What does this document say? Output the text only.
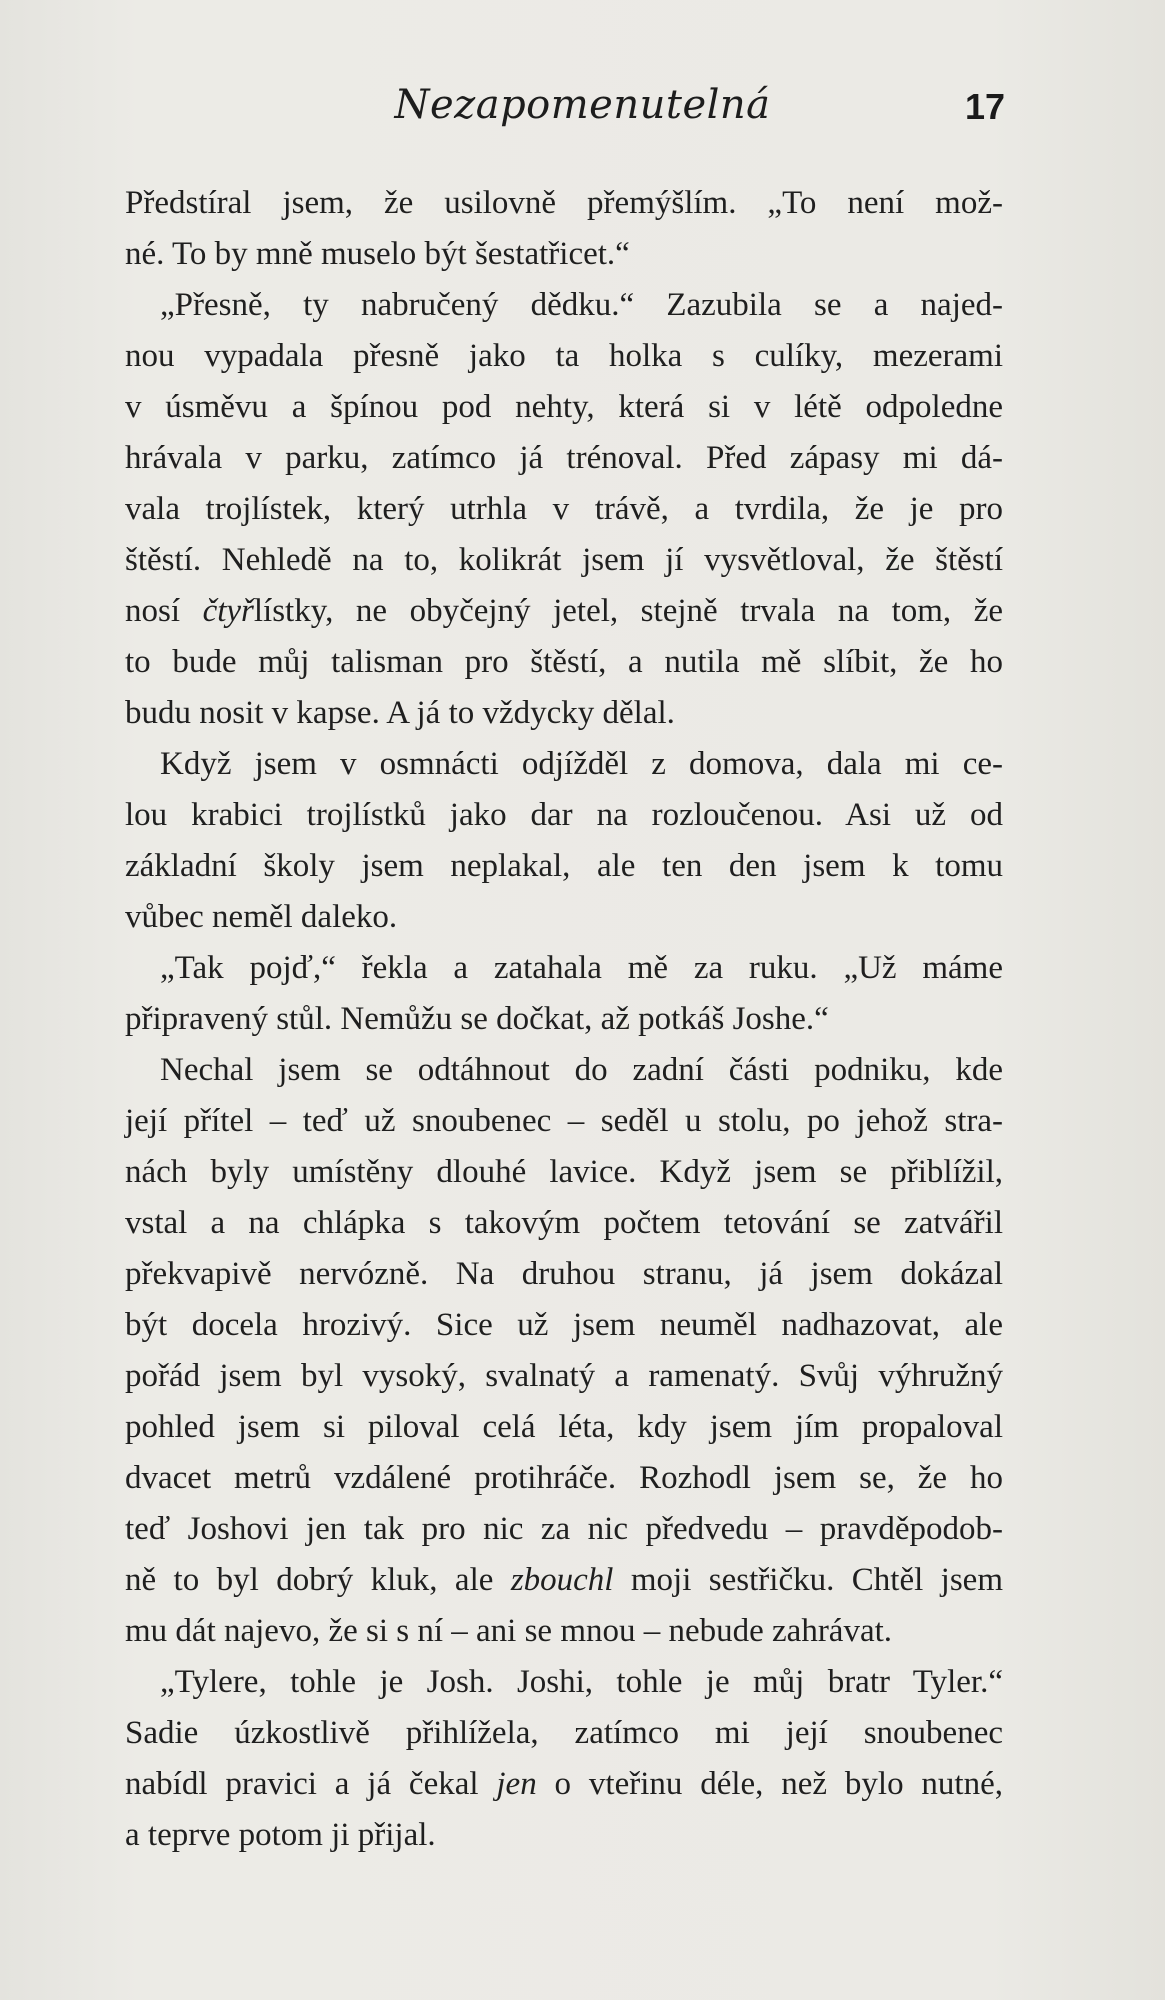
Nezapomenutelná	17
Předstíral jsem, že usilovně přemýšlím. „To není mož-
né. To by mně muselo být šestatřicet.“
„Přesně, ty nabručený dědku.“ Zazubila se a najed-
nou vypadala přesně jako ta holka s culíky, mezerami
v úsměvu a špínou pod nehty, která si v létě odpoledne
hrávala v parku, zatímco já trénoval. Před zápasy mi dá-
vala trojlístek, který utrhla v trávě, a tvrdila, že je pro
štěstí. Nehledě na to, kolikrát jsem jí vysvětloval, že štěstí
nosí čtyřlístky, ne obyčejný jetel, stejně trvala na tom, že
to bude můj talisman pro štěstí, a nutila mě slíbit, že ho
budu nosit v kapse. A já to vždycky dělal.
Když jsem v osmnácti odjížděl z domova, dala mi ce-
lou krabici trojlístků jako dar na rozloučenou. Asi už od
základní školy jsem neplakal, ale ten den jsem k tomu
vůbec neměl daleko.
„Tak pojď,“ řekla a zatahala mě za ruku. „Už máme
připravený stůl. Nemůžu se dočkat, až potkáš Joshe.“
Nechal jsem se odtáhnout do zadní části podniku, kde
její přítel – teď už snoubenec – seděl u stolu, po jehož stra-
nách byly umístěny dlouhé lavice. Když jsem se přiblížil,
vstal a na chlápka s takovým počtem tetování se zatvářil
překvapivě nervózně. Na druhou stranu, já jsem dokázal
být docela hrozivý. Sice už jsem neuměl nadhazovat, ale
pořád jsem byl vysoký, svalnatý a ramenatý. Svůj výhružný
pohled jsem si piloval celá léta, kdy jsem jím propaloval
dvacet metrů vzdálené protihráče. Rozhodl jsem se, že ho
teď Joshovi jen tak pro nic za nic předvedu – pravděpodob-
ně to byl dobrý kluk, ale zbouchl moji sestřičku. Chtěl jsem
mu dát najevo, že si s ní – ani se mnou – nebude zahrávat.
„Tylere, tohle je Josh. Joshi, tohle je můj bratr Tyler.“
Sadie úzkostlivě přihlížela, zatímco mi její snoubenec
nabídl pravici a já čekal jen o vteřinu déle, než bylo nutné,
a teprve potom ji přijal.
